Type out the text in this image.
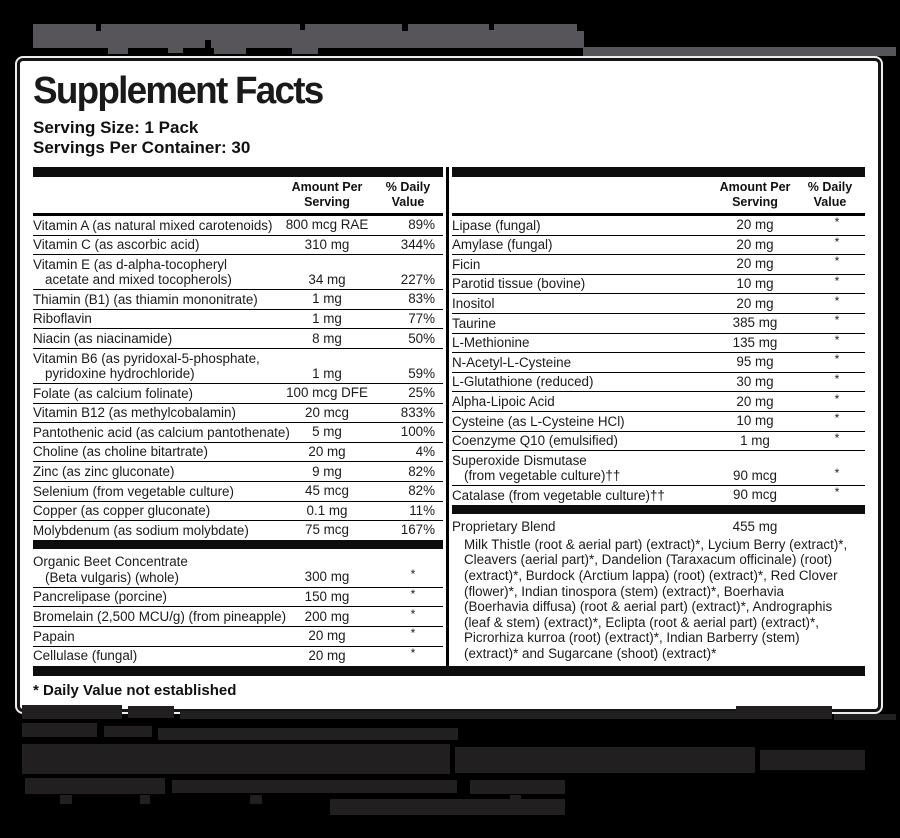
Supplement Facts
Serving Size: 1 Pack
Servings Per Container: 30
Amount Per
Serving
% Daily
Value
Vitamin A (as natural mixed carotenoids) 800 mcg RAE	89%
Vitamin C (as ascorbic acid)	310 mg	344%
Vitamin E (as d-alpha-tocopheryl
acetate and mixed tocopherols)	34 mg	227%
Thiamin (B1) (as thiamin mononitrate)	1 mg	83%
Riboflavin	1 mg	77%
Niacin (as niacinamide)	8 mg	50%
Vitamin B6 (as pyridoxal-5-phosphate,
pyridoxine hydrochloride)	1 mg	59%
Folate (as calcium folinate)	100 mcg DFE	25%
Vitamin B12 (as methylcobalamin)	20 mcg	833%
Pantothenic acid (as calcium pantothenate)	5 mg	100%
Choline (as choline bitartrate)	20 mg	4%
Zinc (as zinc gluconate)	9 mg	82%
Selenium (from vegetable culture)	45 mcg	82%
Copper (as copper gluconate)	0.1 mg	11%
Molybdenum (as sodium molybdate)	75 mcg	167%
Organic Beet Concentrate
(Beta vulgaris) (whole)	300 mg	*
Pancrelipase (porcine)	150 mg	*
Bromelain (2,500 MCU/g) (from pineapple)	200 mg	*
Papain	20 mg	*
Cellulase (fungal)	20 mg	*
Amount Per
Serving
% Daily
Value
Lipase (fungal)	20 mg	*
Amylase (fungal)	20 mg	*
Ficin	20 mg	*
Parotid tissue (bovine)	10 mg	*
Inositol	20 mg	*
Taurine	385 mg	*
L-Methionine	135 mg	*
N-Acetyl-L-Cysteine	95 mg	*
L-Glutathione (reduced)	30 mg	*
Alpha-Lipoic Acid	20 mg	*
Cysteine (as L-Cysteine HCl)	10 mg	*
Coenzyme Q10 (emulsified)	1 mg	*
Superoxide Dismutase
(from vegetable culture)††	90 mcg	*
Catalase (from vegetable culture)††	90 mcg	*
Proprietary Blend	455 mg
Milk Thistle (root & aerial part) (extract)*, Lycium Berry (extract)*, Cleavers (aerial part)*, Dandelion (Taraxacum officinale) (root) (extract)*, Burdock (Arctium lappa) (root) (extract)*, Red Clover (flower)*, Indian tinospora (stem) (extract)*, Boerhavia (Boerhavia diffusa) (root & aerial part) (extract)*, Andrographis (leaf & stem) (extract)*, Eclipta (root & aerial part) (extract)*, Picrorhiza kurroa (root) (extract)*, Indian Barberry (stem) (extract)* and Sugarcane (shoot) (extract)*
* Daily Value not established
